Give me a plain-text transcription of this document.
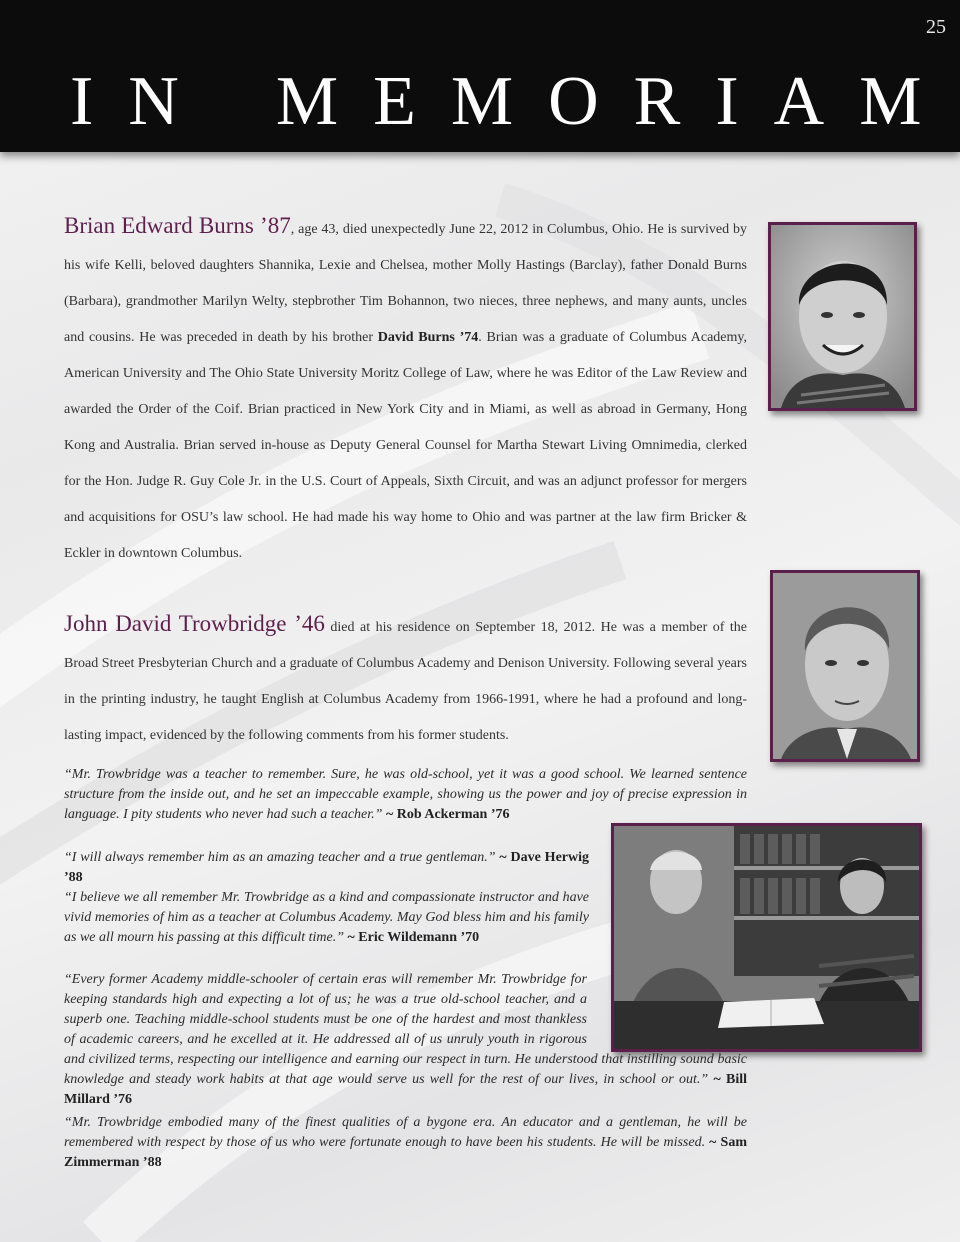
25
IN MEMORIAM
Brian Edward Burns ’87, age 43, died unexpectedly June 22, 2012 in Columbus, Ohio. He is survived by his wife Kelli, beloved daughters Shannika, Lexie and Chelsea, mother Molly Hastings (Barclay), father Donald Burns (Barbara), grandmother Marilyn Welty, stepbrother Tim Bohannon, two nieces, three nephews, and many aunts, uncles and cousins. He was preceded in death by his brother David Burns ’74. Brian was a graduate of Columbus Academy, American University and The Ohio State University Moritz College of Law, where he was Editor of the Law Review and awarded the Order of the Coif. Brian practiced in New York City and in Miami, as well as abroad in Germany, Hong Kong and Australia. Brian served in-house as Deputy General Counsel for Martha Stewart Living Omnimedia, clerked for the Hon. Judge R. Guy Cole Jr. in the U.S. Court of Appeals, Sixth Circuit, and was an adjunct professor for mergers and acquisitions for OSU’s law school. He had made his way home to Ohio and was partner at the law firm Bricker & Eckler in downtown Columbus.
John David Trowbridge ’46 died at his residence on September 18, 2012. He was a member of the Broad Street Presbyterian Church and a graduate of Columbus Academy and Denison University. Following several years in the printing industry, he taught English at Columbus Academy from 1966-1991, where he had a profound and long-lasting impact, evidenced by the following comments from his former students.
“Mr. Trowbridge was a teacher to remember. Sure, he was old-school, yet it was a good school. We learned sentence structure from the inside out, and he set an impeccable example, showing us the power and joy of precise expression in language. I pity students who never had such a teacher.” ~ Rob Ackerman ’76
“I will always remember him as an amazing teacher and a true gentleman.” ~ Dave Herwig ’88
“I believe we all remember Mr. Trowbridge as a kind and compassionate instructor and have vivid memories of him as a teacher at Columbus Academy. May God bless him and his family as we all mourn his passing at this difficult time.” ~ Eric Wildemann ’70
“Every former Academy middle-schooler of certain eras will remember Mr. Trowbridge for keeping standards high and expecting a lot of us; he was a true old-school teacher, and a superb one. Teaching middle-school students must be one of the hardest and most thankless of academic careers, and he excelled at it. He addressed all of us unruly youth in rigorous and civilized terms, respecting our intelligence and earning our respect in turn. He understood that instilling sound basic knowledge and steady work habits at that age would serve us well for the rest of our lives, in school or out.” ~ Bill Millard ’76
“Mr. Trowbridge embodied many of the finest qualities of a bygone era. An educator and a gentleman, he will be remembered with respect by those of us who were fortunate enough to have been his students. He will be missed. ~ Sam Zimmerman ’88
